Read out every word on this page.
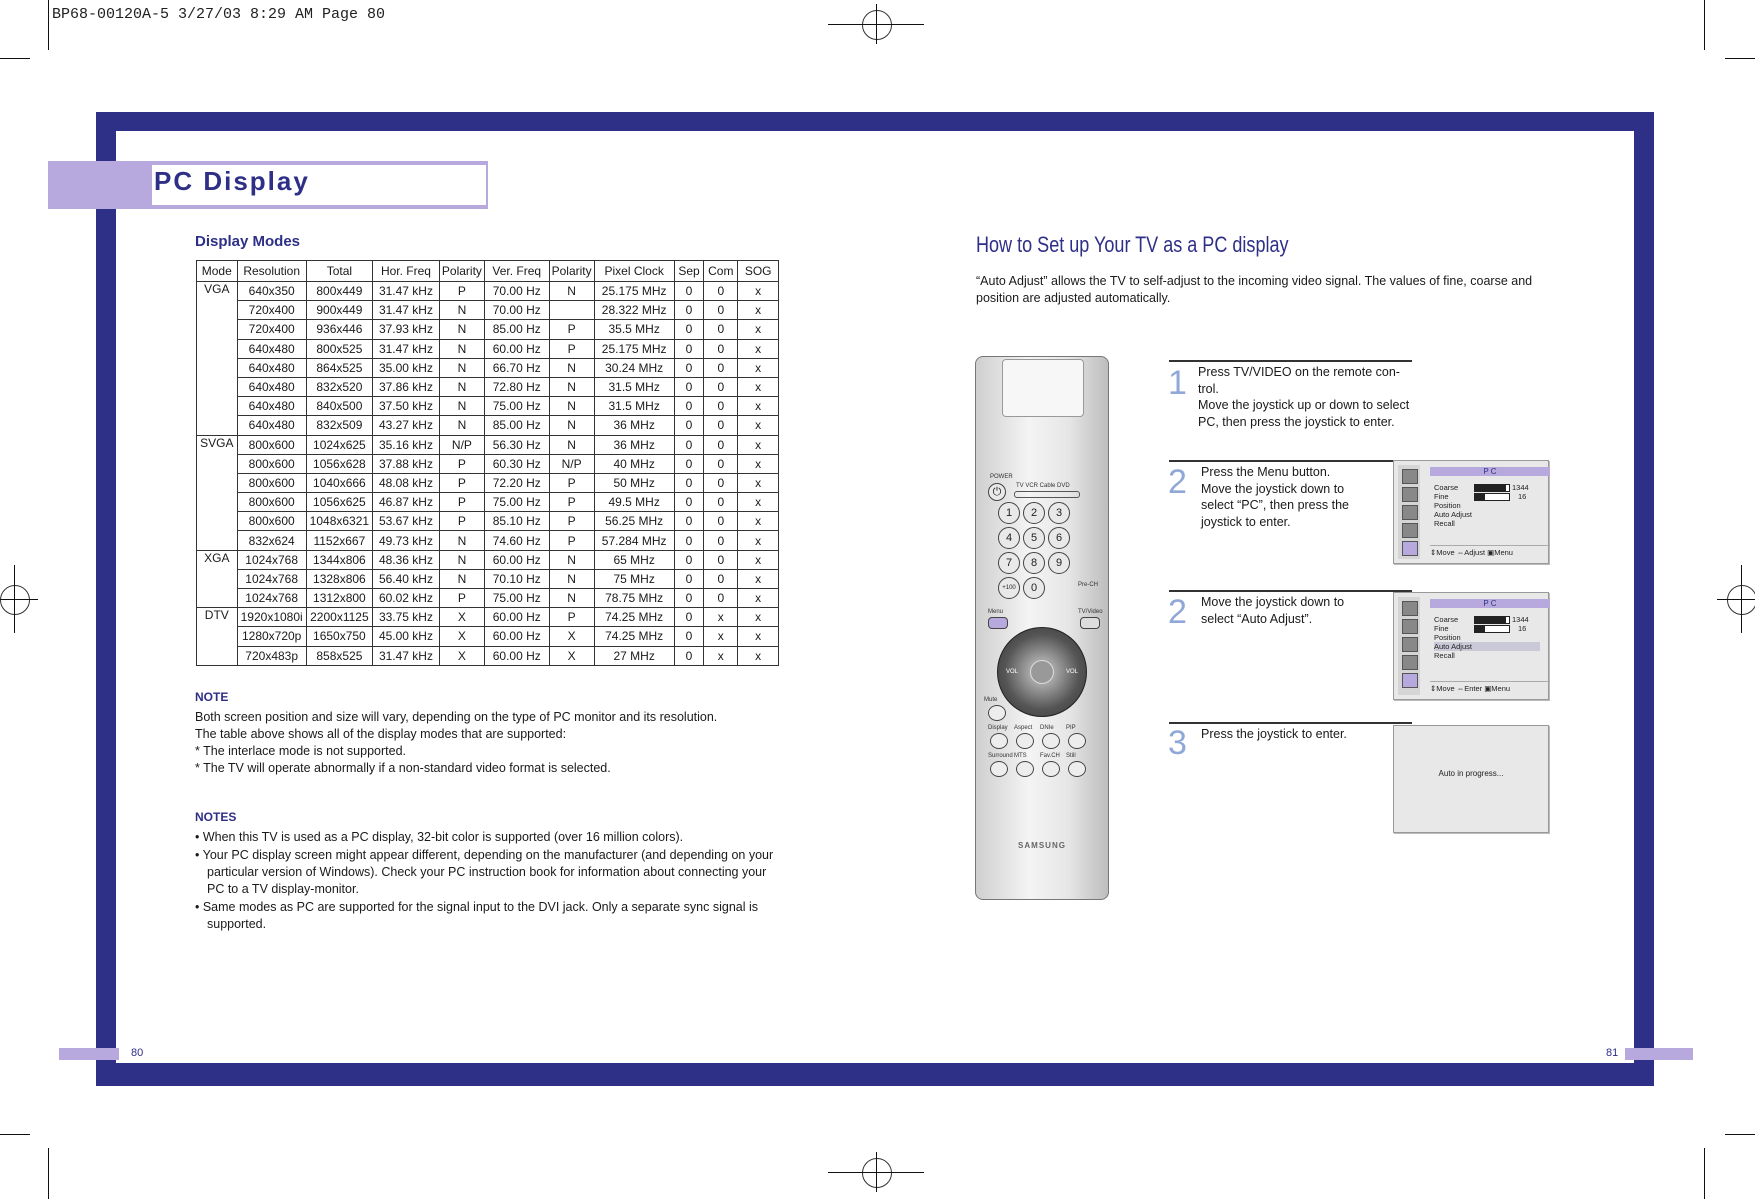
BP68-00120A-5 3/27/03 8:29 AM Page 80
PC Display
Display Modes
Mode	Resolution	Total	Hor. Freq	Polarity	Ver. Freq	Polarity	Pixel Clock	Sep	Com	SOG
VGA	640x350	800x449	31.47 kHz	P	70.00 Hz	N	25.175 MHz	0	0	x
	720x400	900x449	31.47 kHz	N	70.00 Hz		28.322 MHz	0	0	x
	720x400	936x446	37.93 kHz	N	85.00 Hz	P	35.5 MHz	0	0	x
	640x480	800x525	31.47 kHz	N	60.00 Hz	P	25.175 MHz	0	0	x
	640x480	864x525	35.00 kHz	N	66.70 Hz	N	30.24 MHz	0	0	x
	640x480	832x520	37.86 kHz	N	72.80 Hz	N	31.5 MHz	0	0	x
	640x480	840x500	37.50 kHz	N	75.00 Hz	N	31.5 MHz	0	0	x
	640x480	832x509	43.27 kHz	N	85.00 Hz	N	36 MHz	0	0	x
SVGA	800x600	1024x625	35.16 kHz	N/P	56.30 Hz	N	36 MHz	0	0	x
	800x600	1056x628	37.88 kHz	P	60.30 Hz	N/P	40 MHz	0	0	x
	800x600	1040x666	48.08 kHz	P	72.20 Hz	P	50 MHz	0	0	x
	800x600	1056x625	46.87 kHz	P	75.00 Hz	P	49.5 MHz	0	0	x
	800x600	1048x6321	53.67 kHz	P	85.10 Hz	P	56.25 MHz	0	0	x
	832x624	1152x667	49.73 kHz	N	74.60 Hz	P	57.284 MHz	0	0	x
XGA	1024x768	1344x806	48.36 kHz	N	60.00 Hz	N	65 MHz	0	0	x
	1024x768	1328x806	56.40 kHz	N	70.10 Hz	N	75 MHz	0	0	x
	1024x768	1312x800	60.02 kHz	P	75.00 Hz	N	78.75 MHz	0	0	x
DTV	1920x1080i	2200x1125	33.75 kHz	X	60.00 Hz	P	74.25 MHz	0	x	x
	1280x720p	1650x750	45.00 kHz	X	60.00 Hz	X	74.25 MHz	0	x	x
	720x483p	858x525	31.47 kHz	X	60.00 Hz	X	27 MHz	0	x	x
NOTE
Both screen position and size will vary, depending on the type of PC monitor and its resolution.
The table above shows all of the display modes that are supported:
* The interlace mode is not supported.
* The TV will operate abnormally if a non-standard video format is selected.
NOTES
• When this TV is used as a PC display, 32-bit color is supported (over 16 million colors).
• Your PC display screen might appear different, depending on the manufacturer (and depending on your particular version of Windows). Check your PC instruction book for information about connecting your PC to a TV display-monitor.
• Same modes as PC are supported for the signal input to the DVI jack. Only a separate sync signal is supported.
80	81
How to Set up Your TV as a PC display
“Auto Adjust” allows the TV to self-adjust to the incoming video signal. The values of fine, coarse and position are adjusted automatically.
POWER
⏻	TV VCR Cable DVD
1	2	3
4	5	6
7	8	9
+100	0	Pre-CH
Menu	TV/Video
VOL	VOL
Mute
Display Aspect DNIe PIP
Surround MTS Fav.CH Still
SAMSUNG
1 Press TV/VIDEO on the remote con-trol.
Move the joystick up or down to select PC, then press the joystick to enter.
2 Press the Menu button.
Move the joystick down to select “PC”, then press the joystick to enter.
2 Move the joystick down to select “Auto Adjust”.
3 Press the joystick to enter.
P C
Coarse	1344
Fine	16
Position
Auto Adjust
Recall
⇕Move ⇔Adjust ▣Menu
P C
Coarse	1344
Fine	16
Position
Auto Adjust
Recall
⇕Move ⇔Enter ▣Menu
Auto in progress...
